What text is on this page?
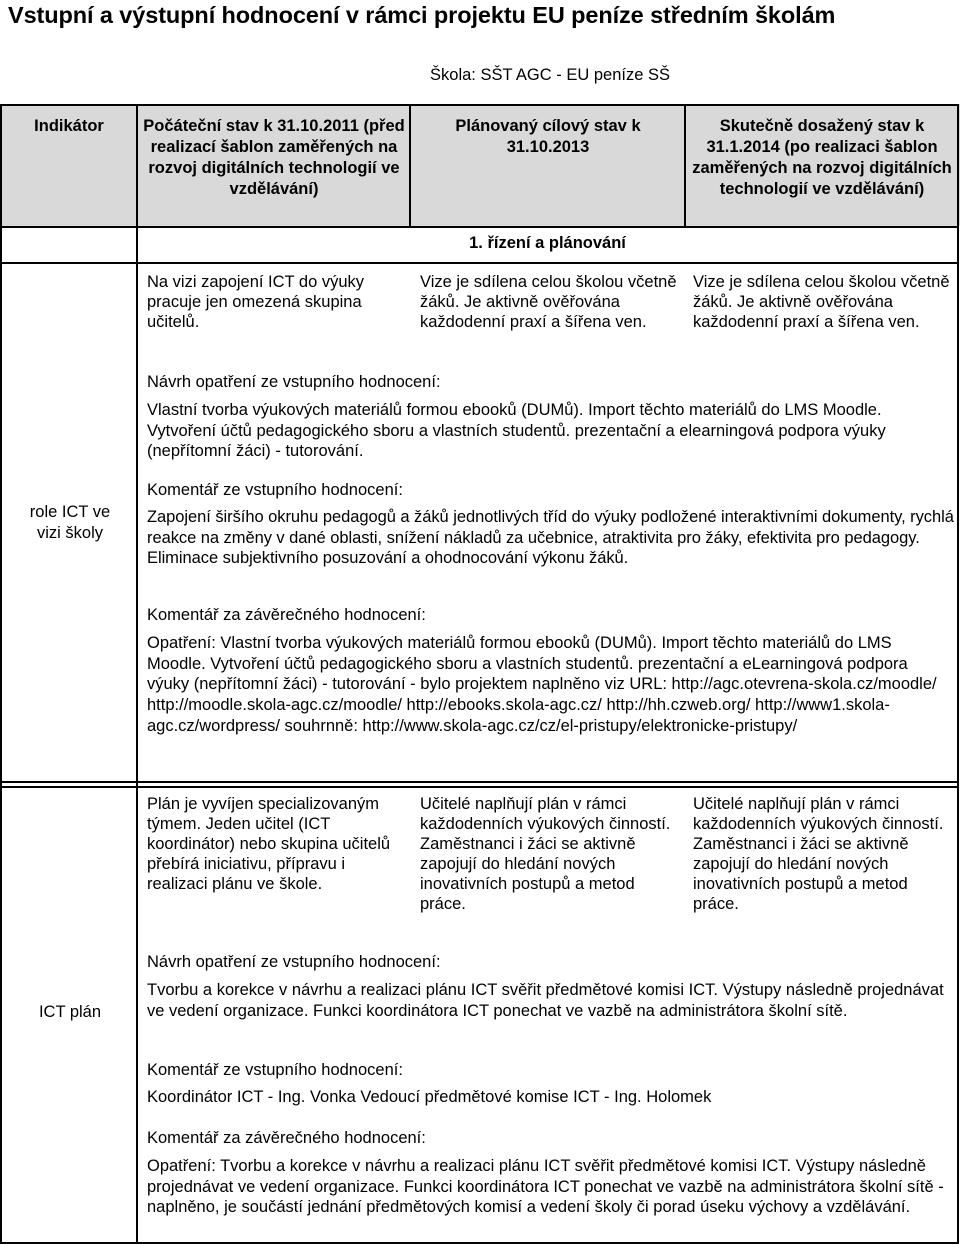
Vstupní a výstupní hodnocení v rámci projektu EU peníze středním školám
Škola: SŠT AGC - EU peníze SŠ
Indikátor	Počáteční stav k 31.10.2011 (před realizací šablon zaměřených na rozvoj digitálních technologií ve vzdělávání)
Plánovaný cílový stav k 31.10.2013
Skutečně dosažený stav k 31.1.2014 (po realizaci šablon zaměřených na rozvoj digitálních technologií ve vzdělávání)
1. řízení a plánování
role ICT ve vizi školy
Na vizi zapojení ICT do výuky pracuje jen omezená skupina učitelů.
Vize je sdílena celou školou včetně žáků. Je aktivně ověřována každodenní praxí a šířena ven.
Vize je sdílena celou školou včetně žáků. Je aktivně ověřována každodenní praxí a šířena ven.
Návrh opatření ze vstupního hodnocení:
Vlastní tvorba výukových materiálů formou ebooků (DUMů). Import těchto materiálů do LMS Moodle. Vytvoření účtů pedagogického sboru a vlastních studentů. prezentační a elearningová podpora výuky (nepřítomní žáci) - tutorování.
Komentář ze vstupního hodnocení:
Zapojení širšího okruhu pedagogů a žáků jednotlivých tříd do výuky podložené interaktivními dokumenty, rychlá reakce na změny v dané oblasti, snížení nákladů za učebnice, atraktivita pro žáky, efektivita pro pedagogy. Eliminace subjektivního posuzování a ohodnocování výkonu žáků.
Komentář za závěrečného hodnocení:
Opatření: Vlastní tvorba výukových materiálů formou ebooků (DUMů). Import těchto materiálů do LMS Moodle. Vytvoření účtů pedagogického sboru a vlastních studentů. prezentační a eLearningová podpora výuky (nepřítomní žáci) - tutorování - bylo projektem naplněno viz URL: http://agc.otevrena-skola.cz/moodle/ http://moodle.skola-agc.cz/moodle/ http://ebooks.skola-agc.cz/ http://hh.czweb.org/ http://www1.skola-agc.cz/wordpress/ souhrnně: http://www.skola-agc.cz/cz/el-pristupy/elektronicke-pristupy/
ICT plán
Plán je vyvíjen specializovaným týmem. Jeden učitel (ICT koordinátor) nebo skupina učitelů přebírá iniciativu, přípravu i realizaci plánu ve škole.
Učitelé naplňují plán v rámci každodenních výukových činností. Zaměstnanci i žáci se aktivně zapojují do hledání nových inovativních postupů a metod práce.
Učitelé naplňují plán v rámci každodenních výukových činností. Zaměstnanci i žáci se aktivně zapojují do hledání nových inovativních postupů a metod práce.
Návrh opatření ze vstupního hodnocení:
Tvorbu a korekce v návrhu a realizaci plánu ICT svěřit předmětové komisi ICT. Výstupy následně projednávat ve vedení organizace. Funkci koordinátora ICT ponechat ve vazbě na administrátora školní sítě.
Komentář ze vstupního hodnocení:
Koordinátor ICT - Ing. Vonka Vedoucí předmětové komise ICT - Ing. Holomek
Komentář za závěrečného hodnocení:
Opatření: Tvorbu a korekce v návrhu a realizaci plánu ICT svěřit předmětové komisi ICT. Výstupy následně projednávat ve vedení organizace. Funkci koordinátora ICT ponechat ve vazbě na administrátora školní sítě - naplněno, je součástí jednání předmětových komisí a vedení školy či porad úseku výchovy a vzdělávání.
